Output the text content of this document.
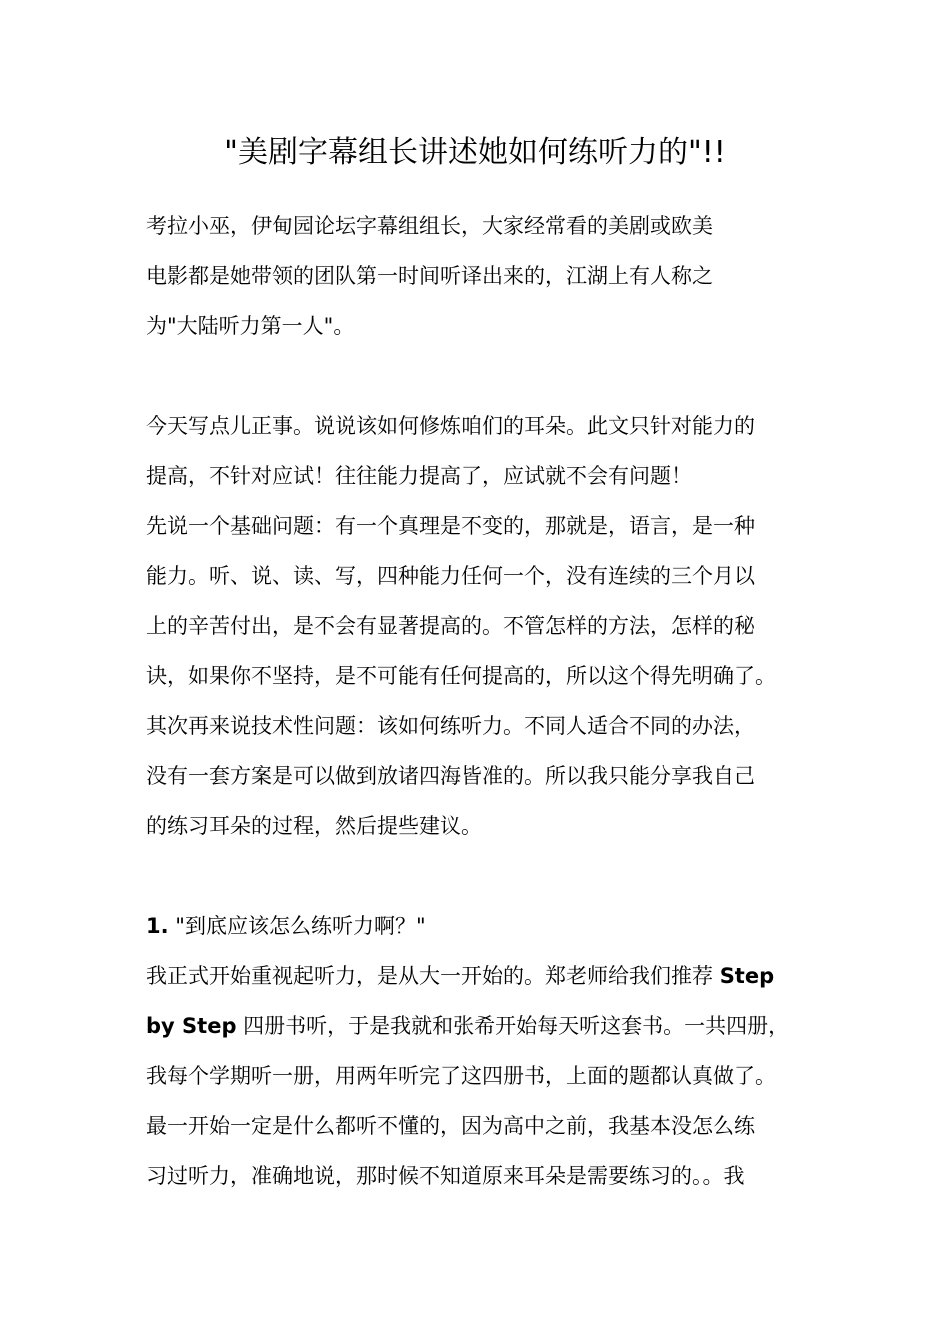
"美剧字幕组长讲述她如何练听力的"!!
考拉小巫，伊甸园论坛字幕组组长，大家经常看的美剧或欧美
电影都是她带领的团队第一时间听译出来的，江湖上有人称之
为"大陆听力第一人"。
今天写点儿正事。说说该如何修炼咱们的耳朵。此文只针对能力的
提高，不针对应试！往往能力提高了，应试就不会有问题！
先说一个基础问题：有一个真理是不变的，那就是，语言，是一种
能力。听、说、读、写，四种能力任何一个，没有连续的三个月以
上的辛苦付出，是不会有显著提高的。不管怎样的方法，怎样的秘
诀，如果你不坚持，是不可能有任何提高的，所以这个得先明确了。
其次再来说技术性问题：该如何练听力。不同人适合不同的办法，
没有一套方案是可以做到放诸四海皆准的。所以我只能分享我自己
的练习耳朵的过程，然后提些建议。
1. "到底应该怎么练听力啊？"
我正式开始重视起听力，是从大一开始的。郑老师给我们推荐 Step
by Step 四册书听，于是我就和张希开始每天听这套书。一共四册，
我每个学期听一册，用两年听完了这四册书，上面的题都认真做了。
最一开始一定是什么都听不懂的，因为高中之前，我基本没怎么练
习过听力，准确地说，那时候不知道原来耳朵是需要练习的。。我
